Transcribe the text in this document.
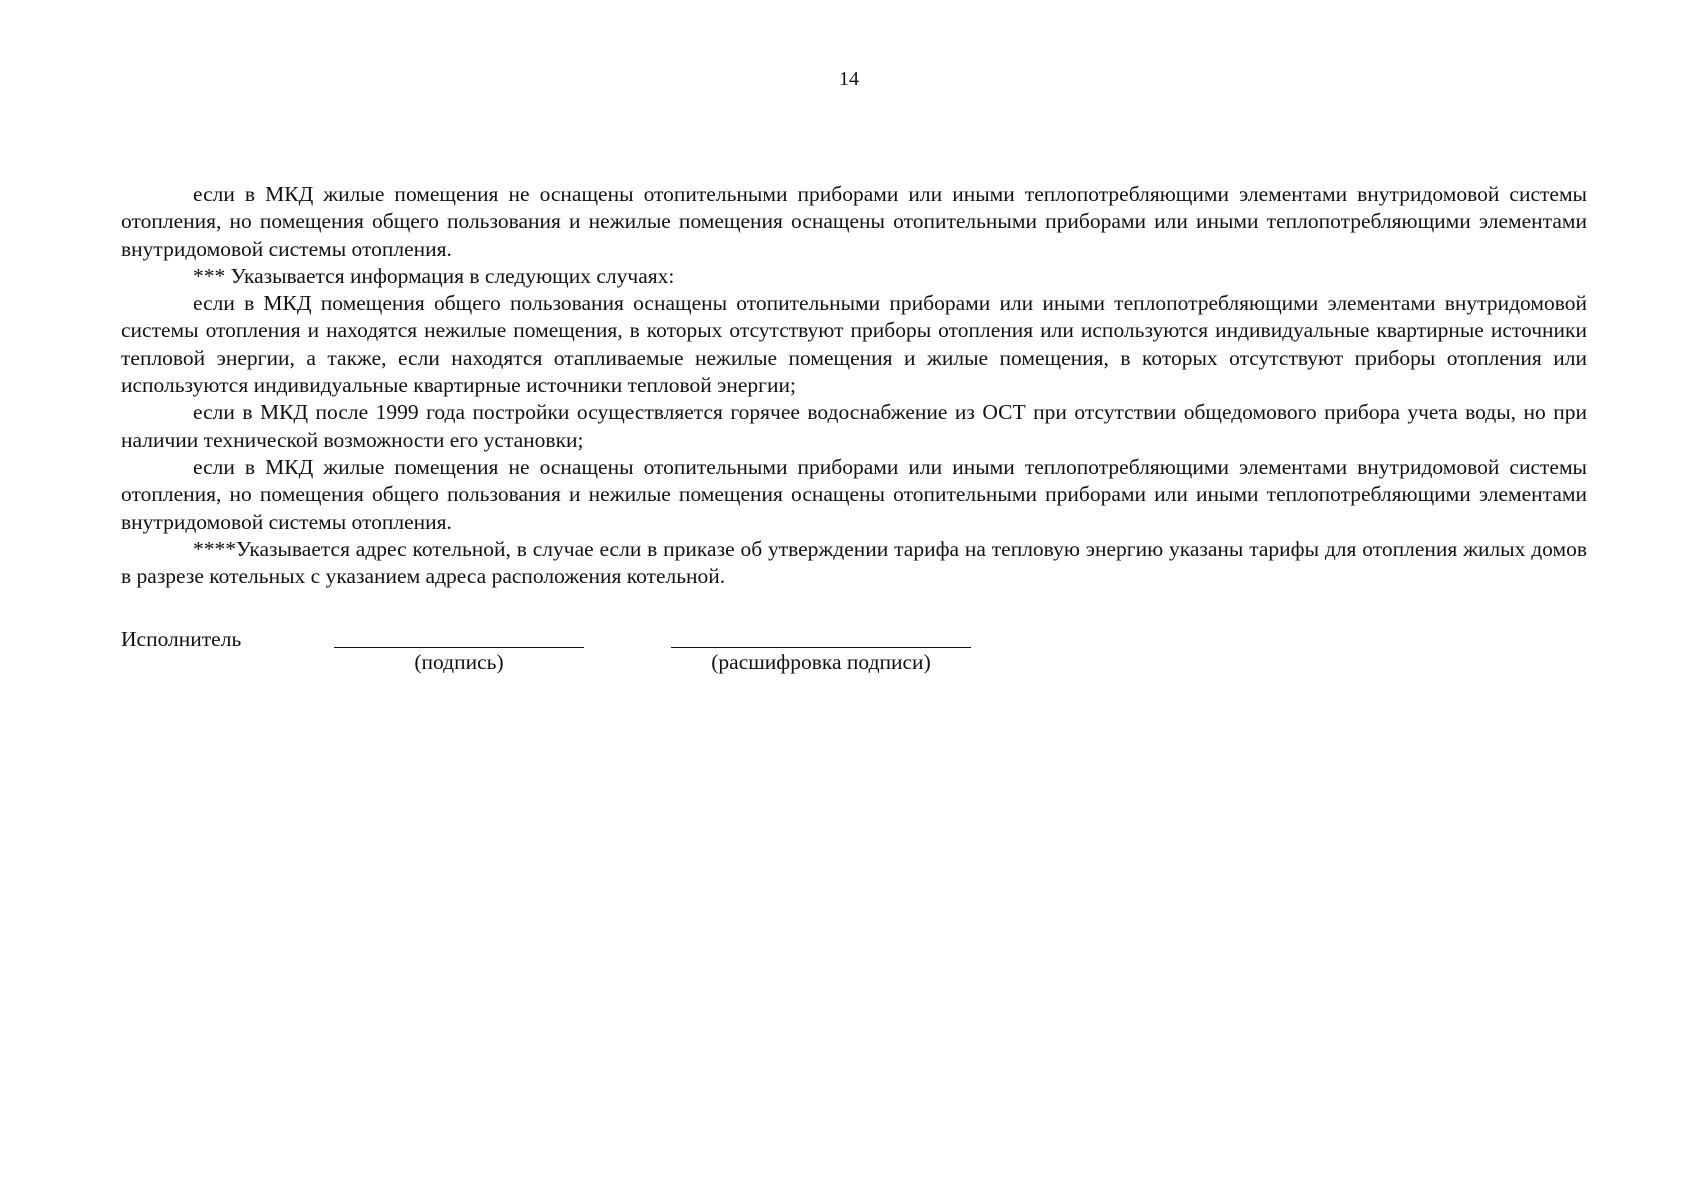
14

если в МКД жилые помещения не оснащены отопительными приборами или иными теплопотребляющими элементами внутридомовой системы отопления, но помещения общего пользования и нежилые помещения оснащены отопительными приборами или иными теплопотребляющими элементами внутридомовой системы отопления.

*** Указывается информация в следующих случаях:

если в МКД помещения общего пользования оснащены отопительными приборами или иными теплопотребляющими элементами внутридомовой системы отопления и находятся нежилые помещения, в которых отсутствуют приборы отопления или используются индивидуальные квартирные источники тепловой энергии, а также, если находятся отапливаемые нежилые помещения и жилые помещения, в которых отсутствуют приборы отопления или используются индивидуальные квартирные источники тепловой энергии;

если в МКД после 1999 года постройки осуществляется горячее водоснабжение из ОСТ при отсутствии общедомового прибора учета воды, но при наличии технической возможности его установки;

если в МКД жилые помещения не оснащены отопительными приборами или иными теплопотребляющими элементами внутридомовой системы отопления, но помещения общего пользования и нежилые помещения оснащены отопительными приборами или иными теплопотребляющими элементами внутридомовой системы отопления.

****Указывается адрес котельной, в случае если в приказе об утверждении тарифа на тепловую энергию указаны тарифы для отопления жилых домов в разрезе котельных с указанием адреса расположения котельной.

Исполнитель
(подпись)	(расшифровка подписи)
